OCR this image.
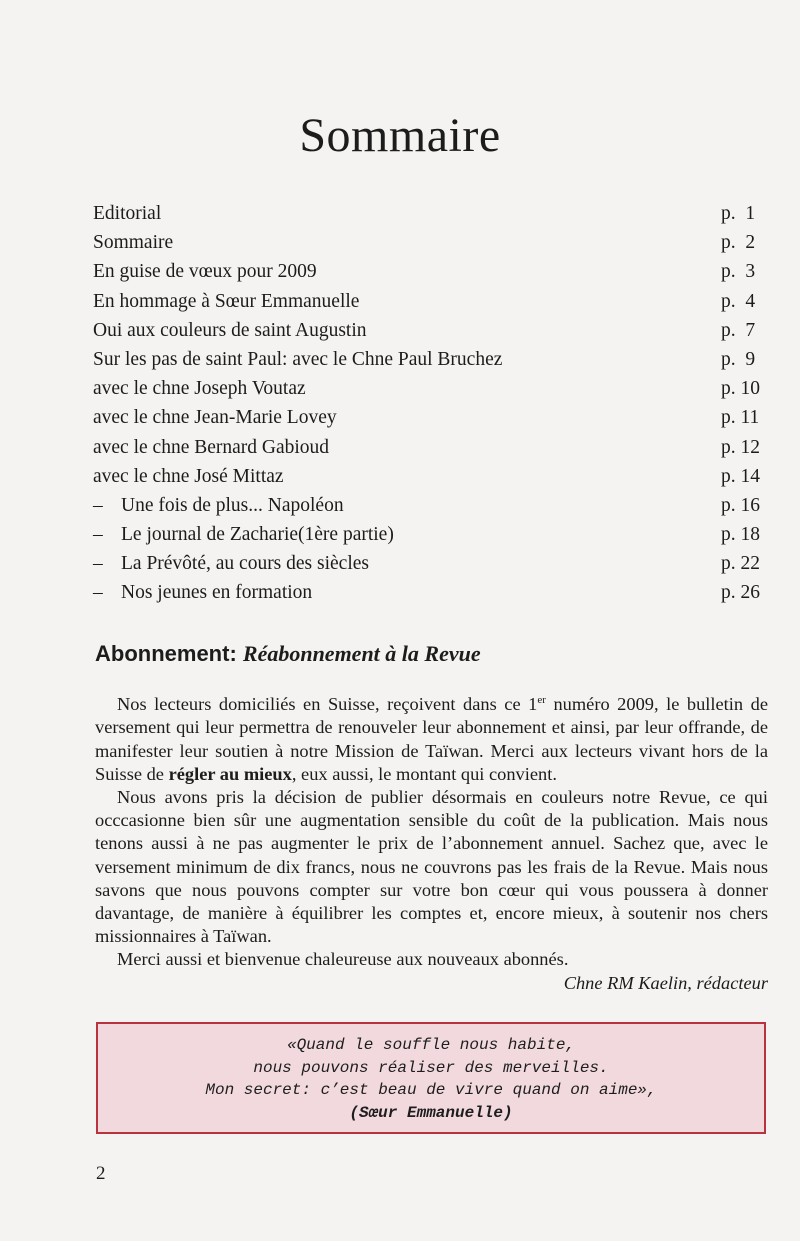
Sommaire
Editorial	p.  1
Sommaire	p.  2
En guise de vœux pour 2009	p.  3
En hommage à Sœur Emmanuelle	p.  4
Oui aux couleurs de saint Augustin	p.  7
Sur les pas de saint Paul: avec le Chne Paul Bruchez	p.  9
avec le chne Joseph Voutaz	p. 10
avec le chne Jean-Marie Lovey	p. 11
avec le chne Bernard Gabioud	p. 12
avec le chne José Mittaz	p. 14
– Une fois de plus... Napoléon	p. 16
– Le journal de Zacharie(1ère partie)	p. 18
– La Prévôté, au cours des siècles	p. 22
– Nos jeunes en formation	p. 26
Abonnement: Réabonnement à la Revue

Nos lecteurs domiciliés en Suisse, reçoivent dans ce 1er numéro 2009, le bulletin de versement qui leur permettra de renouveler leur abonnement et ainsi, par leur offrande, de manifester leur soutien à notre Mission de Taïwan. Merci aux lecteurs vivant hors de la Suisse de régler au mieux, eux aussi, le montant qui convient.

Nous avons pris la décision de publier désormais en couleurs notre Revue, ce qui occcasionne bien sûr une augmentation sensible du coût de la publication. Mais nous tenons aussi à ne pas augmenter le prix de l’abonnement annuel. Sachez que, avec le versement minimum de dix francs, nous ne couvrons pas les frais de la Revue. Mais nous savons que nous pouvons compter sur votre bon cœur qui vous poussera à donner davantage, de manière à équilibrer les comptes et, encore mieux, à soutenir nos chers missionnaires à Taïwan.

Merci aussi et bienvenue chaleureuse aux nouveaux abonnés.

Chne RM Kaelin, rédacteur

«Quand le souffle nous habite,
nous pouvons réaliser des merveilles.
Mon secret: c’est beau de vivre quand on aime»,
(Sœur Emmanuelle)
2
